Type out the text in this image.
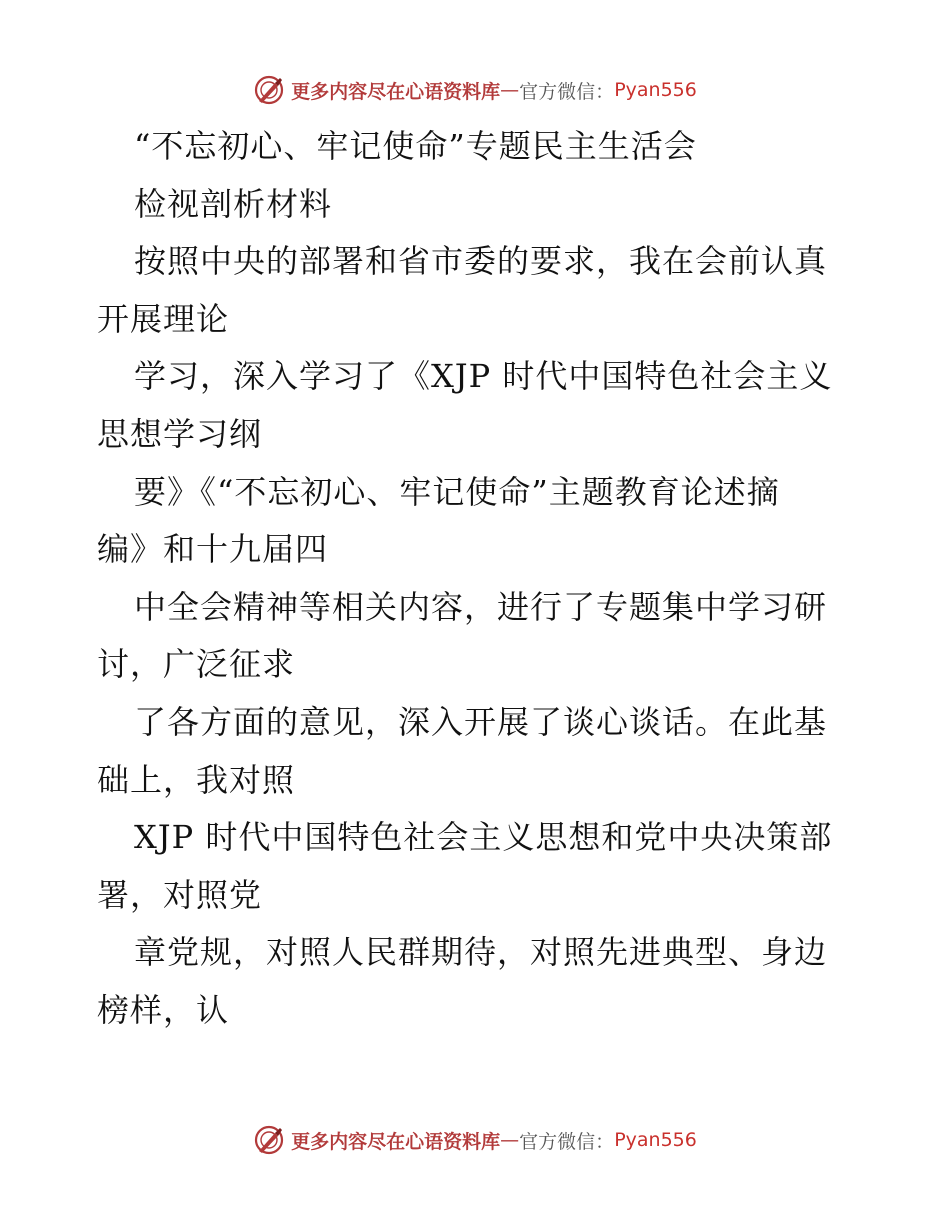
更多内容尽在心语资料库 — 官方微信： Pyan556
“不忘初心、牢记使命”专题民主生活会
检视剖析材料
按照中央的部署和省市委的要求，我在会前认真
开展理论
学习，深入学习了《XJP 时代中国特色社会主义
思想学习纲
要》《“不忘初心、牢记使命”主题教育论述摘
编》和十九届四
中全会精神等相关内容，进行了专题集中学习研
讨，广泛征求
了各方面的意见，深入开展了谈心谈话。在此基
础上，我对照
XJP 时代中国特色社会主义思想和党中央决策部
署，对照党
章党规，对照人民群期待，对照先进典型、身边
榜样，认
更多内容尽在心语资料库 — 官方微信： Pyan556
